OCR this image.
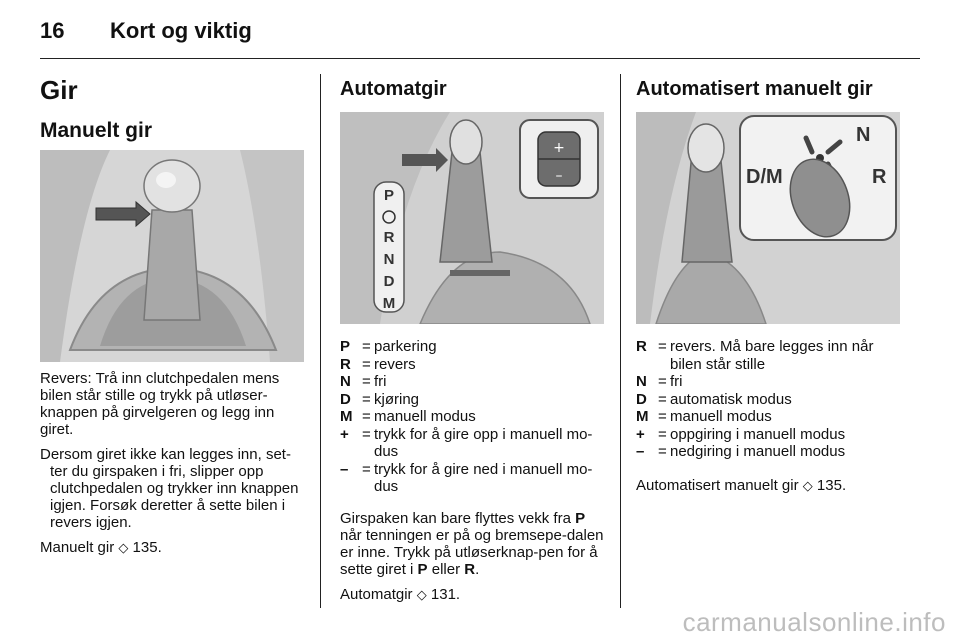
16	Kort og viktig
Gir
Manuelt gir

Revers: Trå inn clutchpedalen mens bilen står stille og trykk på utløser-knappen på girvelgeren og legg inn giret.

Dersom giret ikke kan legges inn, set-
ter du girspaken i fri, slipper opp clutchpedalen og trykker inn knappen igjen. Forsøk deretter å sette bilen i revers igjen.

Manuelt gir ◇ 135.

Automatgir
+
–
P
R
N
D
M
P = parkering
R = revers
N = fri
D = kjøring
M = manuell modus
+ = trykk for å gire opp i manuell mo-dus
– = trykk for å gire ned i manuell mo-dus

Girspaken kan bare flyttes vekk fra P når tenningen er på og bremsepe-dalen er inne. Trykk på utløserknap-pen for å sette giret i P eller R.

Automatgir ◇ 131.

Automatisert manuelt gir
D/M
N
R
R = revers. Må bare legges inn når bilen står stille
N = fri
D = automatisk modus
M = manuell modus
+ = oppgiring i manuell modus
– = nedgiring i manuell modus

Automatisert manuelt gir ◇ 135.

carmanualsonline.info
